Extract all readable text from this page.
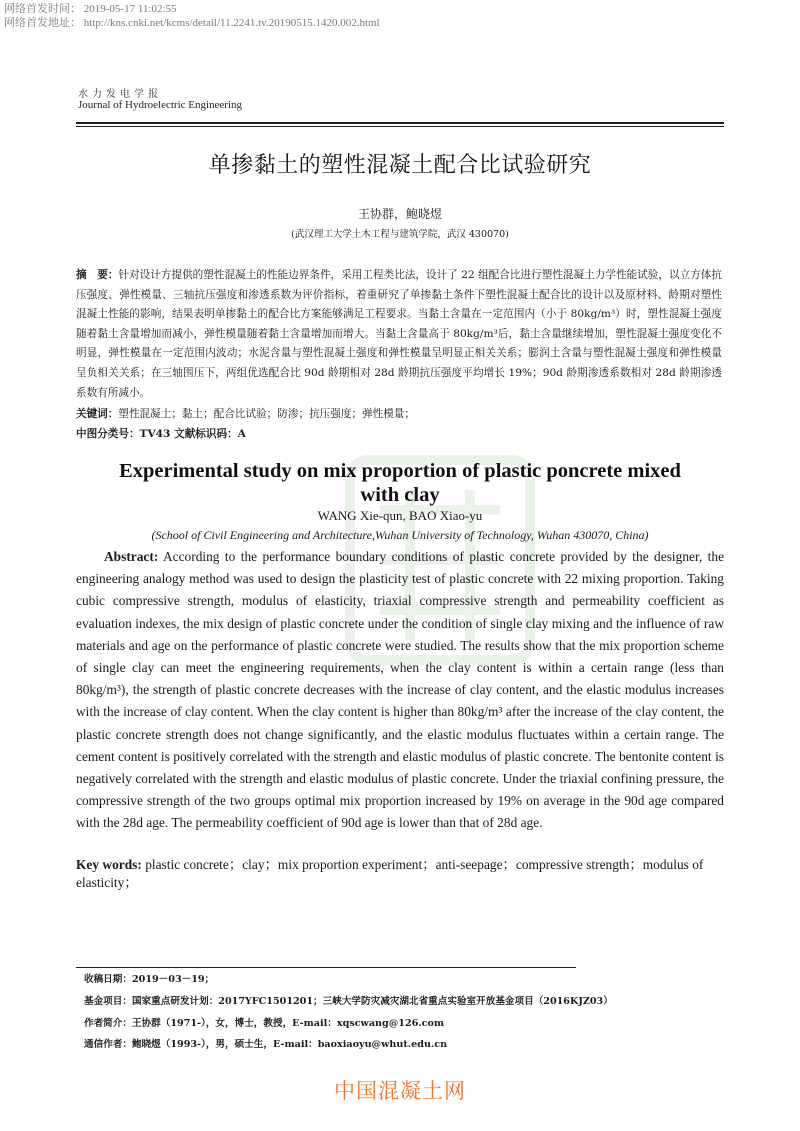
网络首发时间： 2019-05-17 11:02:55
网络首发地址： http://kns.cnki.net/kcms/detail/11.2241.tv.20190515.1420.002.html
水力发电学报
Journal of Hydroelectric Engineering
单掺黏土的塑性混凝土配合比试验研究
王协群，鲍晓煜
(武汉理工大学土木工程与建筑学院，武汉 430070)
摘　要：针对设计方提供的塑性混凝土的性能边界条件，采用工程类比法，设计了 22 组配合比进行塑性混凝土力学性能试验，以立方体抗压强度、弹性模量、三轴抗压强度和渗透系数为评价指标，着重研究了单掺黏土条件下塑性混凝土配合比的设计以及原材料、龄期对塑性混凝土性能的影响，结果表明单掺黏土的配合比方案能够满足工程要求。当黏土含量在一定范围内（小于 80kg/m³）时，塑性混凝土强度随着黏土含量增加而减小，弹性模量随着黏土含量增加而增大。当黏土含量高于 80kg/m³后，黏土含量继续增加，塑性混凝土强度变化不明显，弹性模量在一定范围内波动；水泥含量与塑性混凝土强度和弹性模量呈明显正相关关系；膨润土含量与塑性混凝土强度和弹性模量呈负相关关系；在三轴围压下，两组优选配合比 90d 龄期相对 28d 龄期抗压强度平均增长 19%；90d 龄期渗透系数相对 28d 龄期渗透系数有所减小。
关键词：塑性混凝土；黏土；配合比试验；防渗；抗压强度；弹性模量；
中图分类号：TV43 文献标识码：A
Experimental study on mix proportion of plastic poncrete mixed with clay
WANG Xie-qun, BAO Xiao-yu
(School of Civil Engineering and Architecture,Wuhan University of Technology, Wuhan 430070, China)
Abstract: According to the performance boundary conditions of plastic concrete provided by the designer, the engineering analogy method was used to design the plasticity test of plastic concrete with 22 mixing proportion. Taking cubic compressive strength, modulus of elasticity, triaxial compressive strength and permeability coefficient as evaluation indexes, the mix design of plastic concrete under the condition of single clay mixing and the influence of raw materials and age on the performance of plastic concrete were studied. The results show that the mix proportion scheme of single clay can meet the engineering requirements, when the clay content is within a certain range (less than 80kg/m³), the strength of plastic concrete decreases with the increase of clay content, and the elastic modulus increases with the increase of clay content. When the clay content is higher than 80kg/m³ after the increase of the clay content, the plastic concrete strength does not change significantly, and the elastic modulus fluctuates within a certain range. The cement content is positively correlated with the strength and elastic modulus of plastic concrete. The bentonite content is negatively correlated with the strength and elastic modulus of plastic concrete. Under the triaxial confining pressure, the compressive strength of the two groups optimal mix proportion increased by 19% on average in the 90d age compared with the 28d age. The permeability coefficient of 90d age is lower than that of 28d age.
Key words: plastic concrete；clay；mix proportion experiment；anti-seepage；compressive strength；modulus of elasticity；
收稿日期：2019－03－19；
基金项目：国家重点研发计划：2017YFC1501201；三峡大学防灾减灾湖北省重点实验室开放基金项目（2016KJZ03）
作者简介：王协群（1971-），女，博士，教授，E-mail：xqscwang@126.com
通信作者：鲍晓煜（1993-），男，硕士生，E-mail：baoxiaoyu@whut.edu.cn
中国混凝土网
